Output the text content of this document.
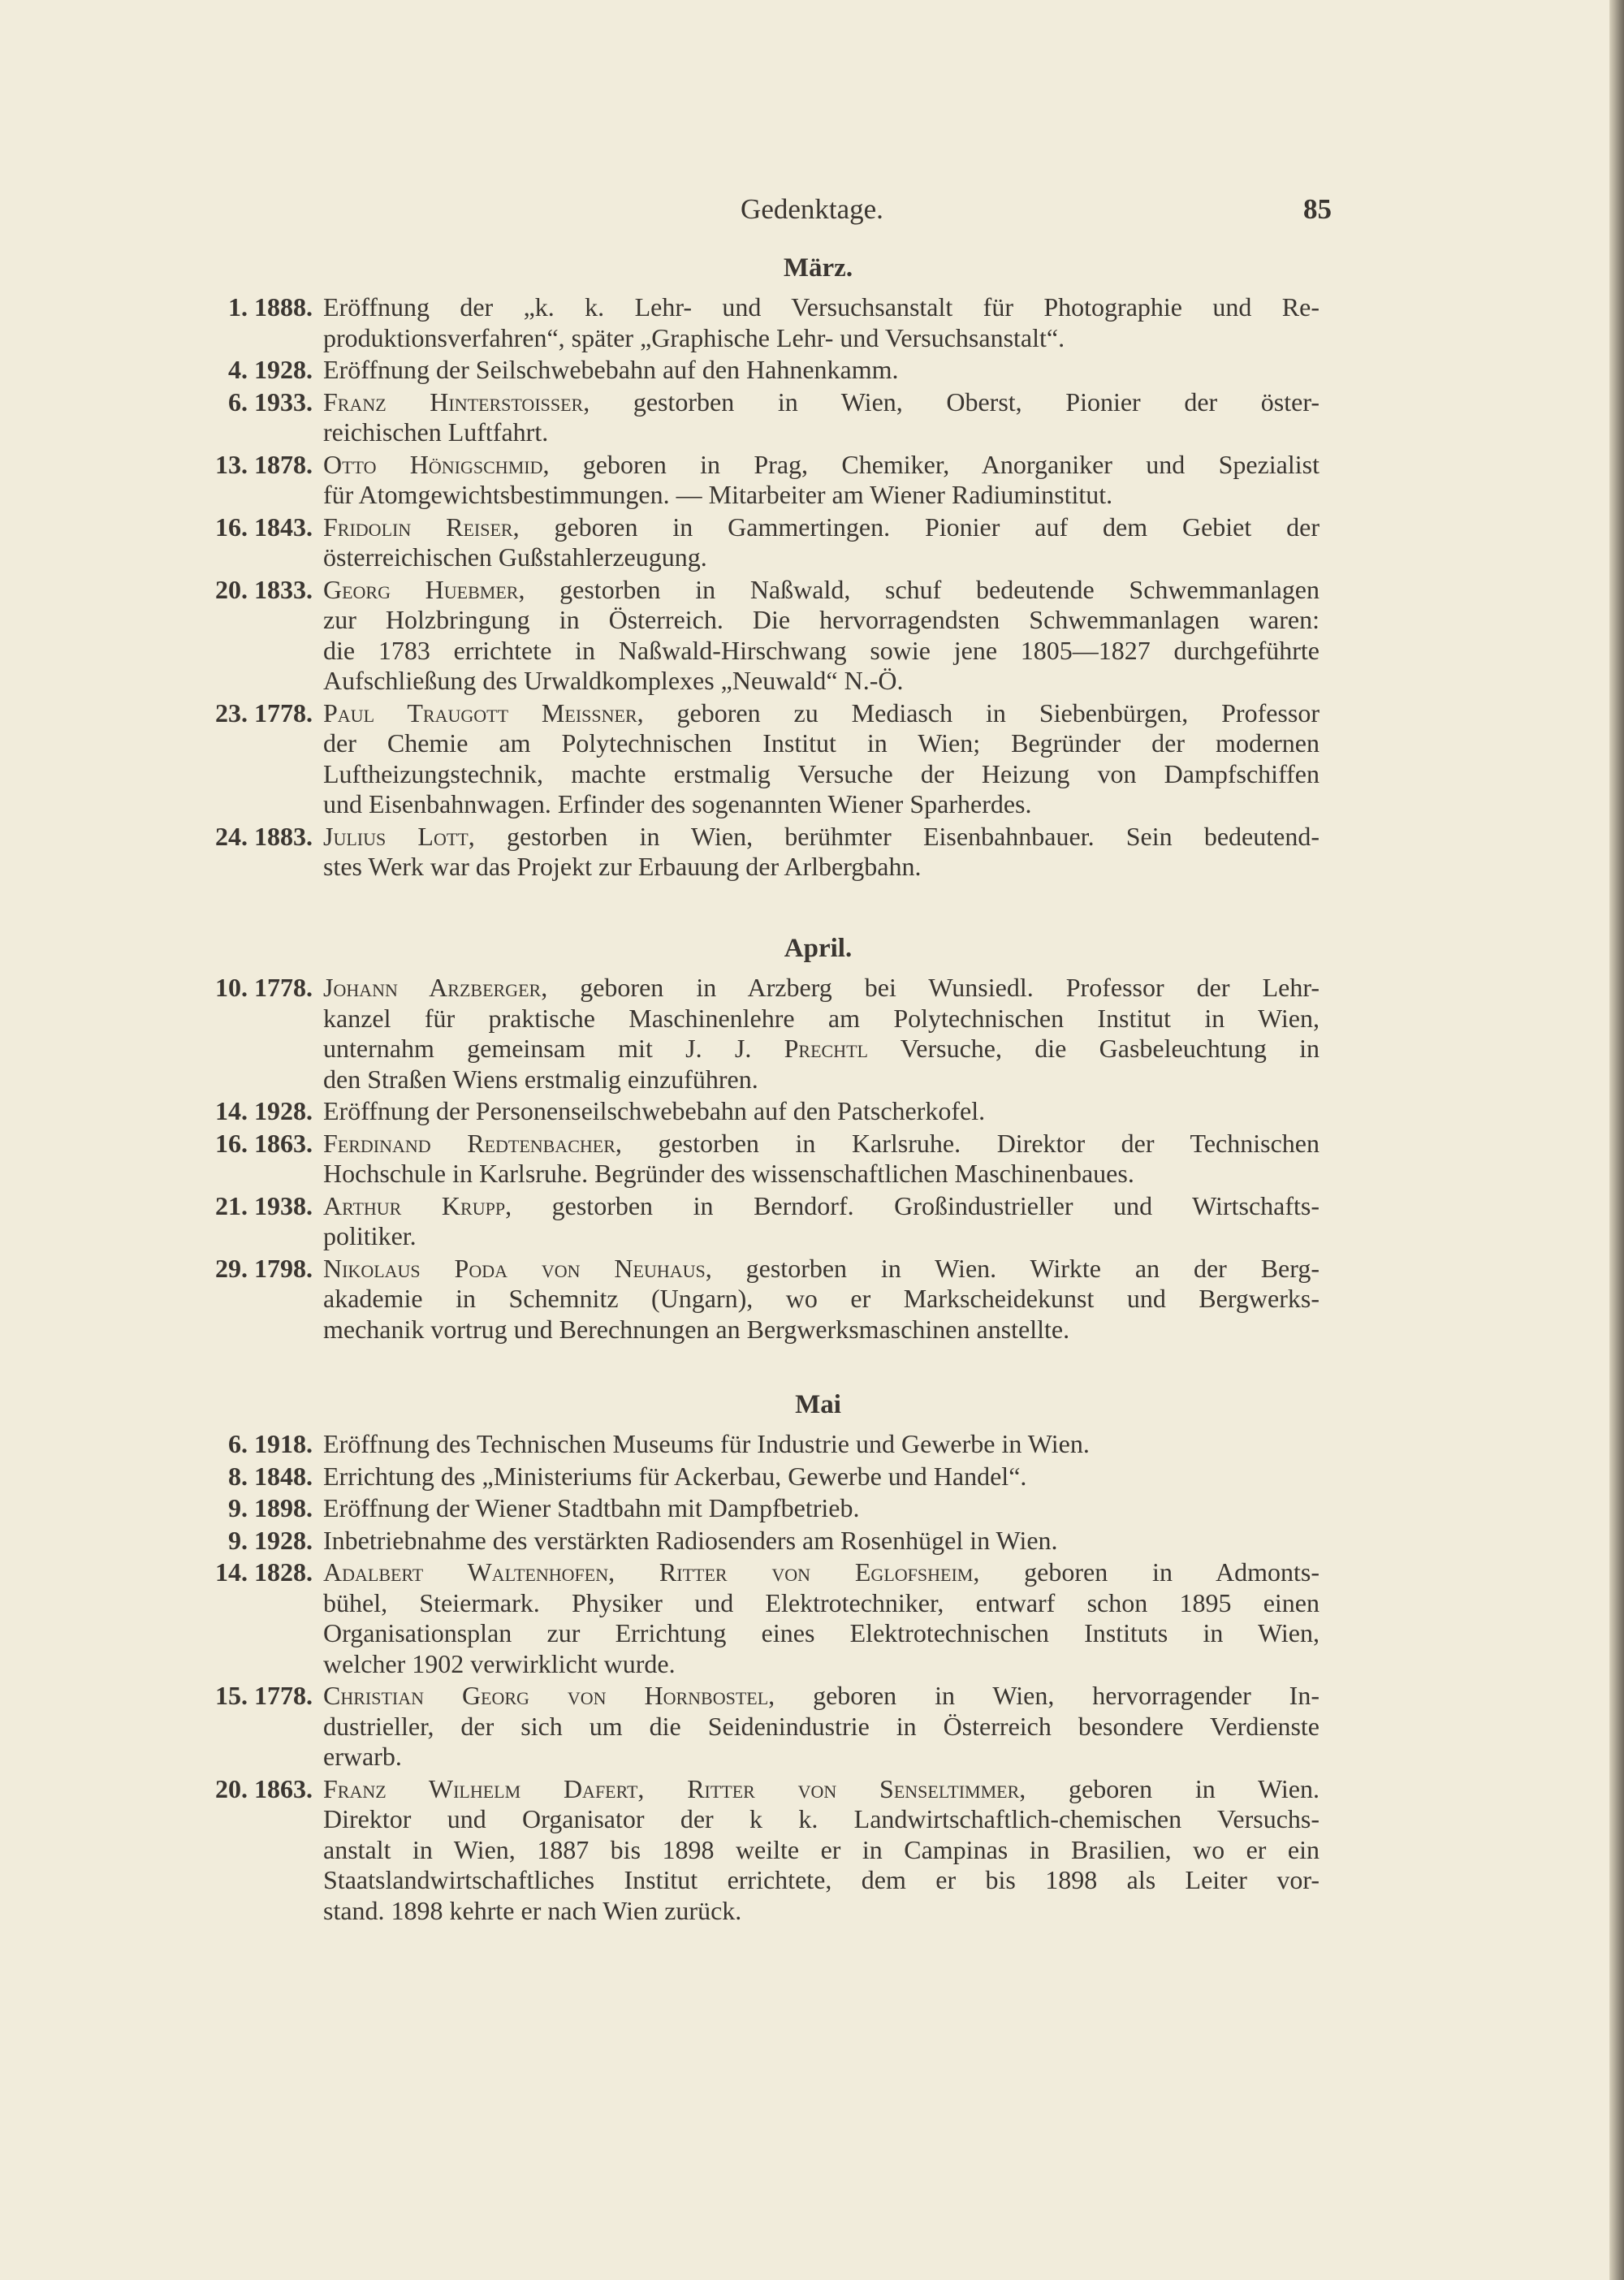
Gedenktage.	85
März.
1. 1888. Eröffnung der „k. k. Lehr- und Versuchsanstalt für Photographie und Re-
produktionsverfahren“, später „Graphische Lehr- und Versuchsanstalt“.
4. 1928. Eröffnung der Seilschwebebahn auf den Hahnenkamm.
6. 1933. Franz Hinterstoisser, gestorben in Wien, Oberst, Pionier der öster-
reichischen Luftfahrt.
13. 1878. Otto Hönigschmid, geboren in Prag, Chemiker, Anorganiker und Spezialist
für Atomgewichtsbestimmungen. — Mitarbeiter am Wiener Radiuminstitut.
16. 1843. Fridolin Reiser, geboren in Gammertingen. Pionier auf dem Gebiet der
österreichischen Gußstahlerzeugung.
20. 1833. Georg Huebmer, gestorben in Naßwald, schuf bedeutende Schwemmanlagen
zur Holzbringung in Österreich. Die hervorragendsten Schwemmanlagen waren:
die 1783 errichtete in Naßwald-Hirschwang sowie jene 1805—1827 durchgeführte
Aufschließung des Urwaldkomplexes „Neuwald“ N.-Ö.
23. 1778. Paul Traugott Meissner, geboren zu Mediasch in Siebenbürgen, Professor
der Chemie am Polytechnischen Institut in Wien; Begründer der modernen
Luftheizungstechnik, machte erstmalig Versuche der Heizung von Dampfschiffen
und Eisenbahnwagen. Erfinder des sogenannten Wiener Sparherdes.
24. 1883. Julius Lott, gestorben in Wien, berühmter Eisenbahnbauer. Sein bedeutend-
stes Werk war das Projekt zur Erbauung der Arlbergbahn.
April.
10. 1778. Johann Arzberger, geboren in Arzberg bei Wunsiedl. Professor der Lehr-
kanzel für praktische Maschinenlehre am Polytechnischen Institut in Wien,
unternahm gemeinsam mit J. J. Prechtl Versuche, die Gasbeleuchtung in
den Straßen Wiens erstmalig einzuführen.
14. 1928. Eröffnung der Personenseilschwebebahn auf den Patscherkofel.
16. 1863. Ferdinand Redtenbacher, gestorben in Karlsruhe. Direktor der Technischen
Hochschule in Karlsruhe. Begründer des wissenschaftlichen Maschinenbaues.
21. 1938. Arthur Krupp, gestorben in Berndorf. Großindustrieller und Wirtschafts-
politiker.
29. 1798. Nikolaus Poda von Neuhaus, gestorben in Wien. Wirkte an der Berg-
akademie in Schemnitz (Ungarn), wo er Markscheidekunst und Bergwerks-
mechanik vortrug und Berechnungen an Bergwerksmaschinen anstellte.
Mai
6. 1918. Eröffnung des Technischen Museums für Industrie und Gewerbe in Wien.
8. 1848. Errichtung des „Ministeriums für Ackerbau, Gewerbe und Handel“.
9. 1898. Eröffnung der Wiener Stadtbahn mit Dampfbetrieb.
9. 1928. Inbetriebnahme des verstärkten Radiosenders am Rosenhügel in Wien.
14. 1828. Adalbert Waltenhofen, Ritter von Eglofsheim, geboren in Admonts-
bühel, Steiermark. Physiker und Elektrotechniker, entwarf schon 1895 einen
Organisationsplan zur Errichtung eines Elektrotechnischen Instituts in Wien,
welcher 1902 verwirklicht wurde.
15. 1778. Christian Georg von Hornbostel, geboren in Wien, hervorragender In-
dustrieller, der sich um die Seidenindustrie in Österreich besondere Verdienste
erwarb.
20. 1863. Franz Wilhelm Dafert, Ritter von Senseltimmer, geboren in Wien.
Direktor und Organisator der k k. Landwirtschaftlich-chemischen Versuchs-
anstalt in Wien, 1887 bis 1898 weilte er in Campinas in Brasilien, wo er ein
Staatslandwirtschaftliches Institut errichtete, dem er bis 1898 als Leiter vor-
stand. 1898 kehrte er nach Wien zurück.
